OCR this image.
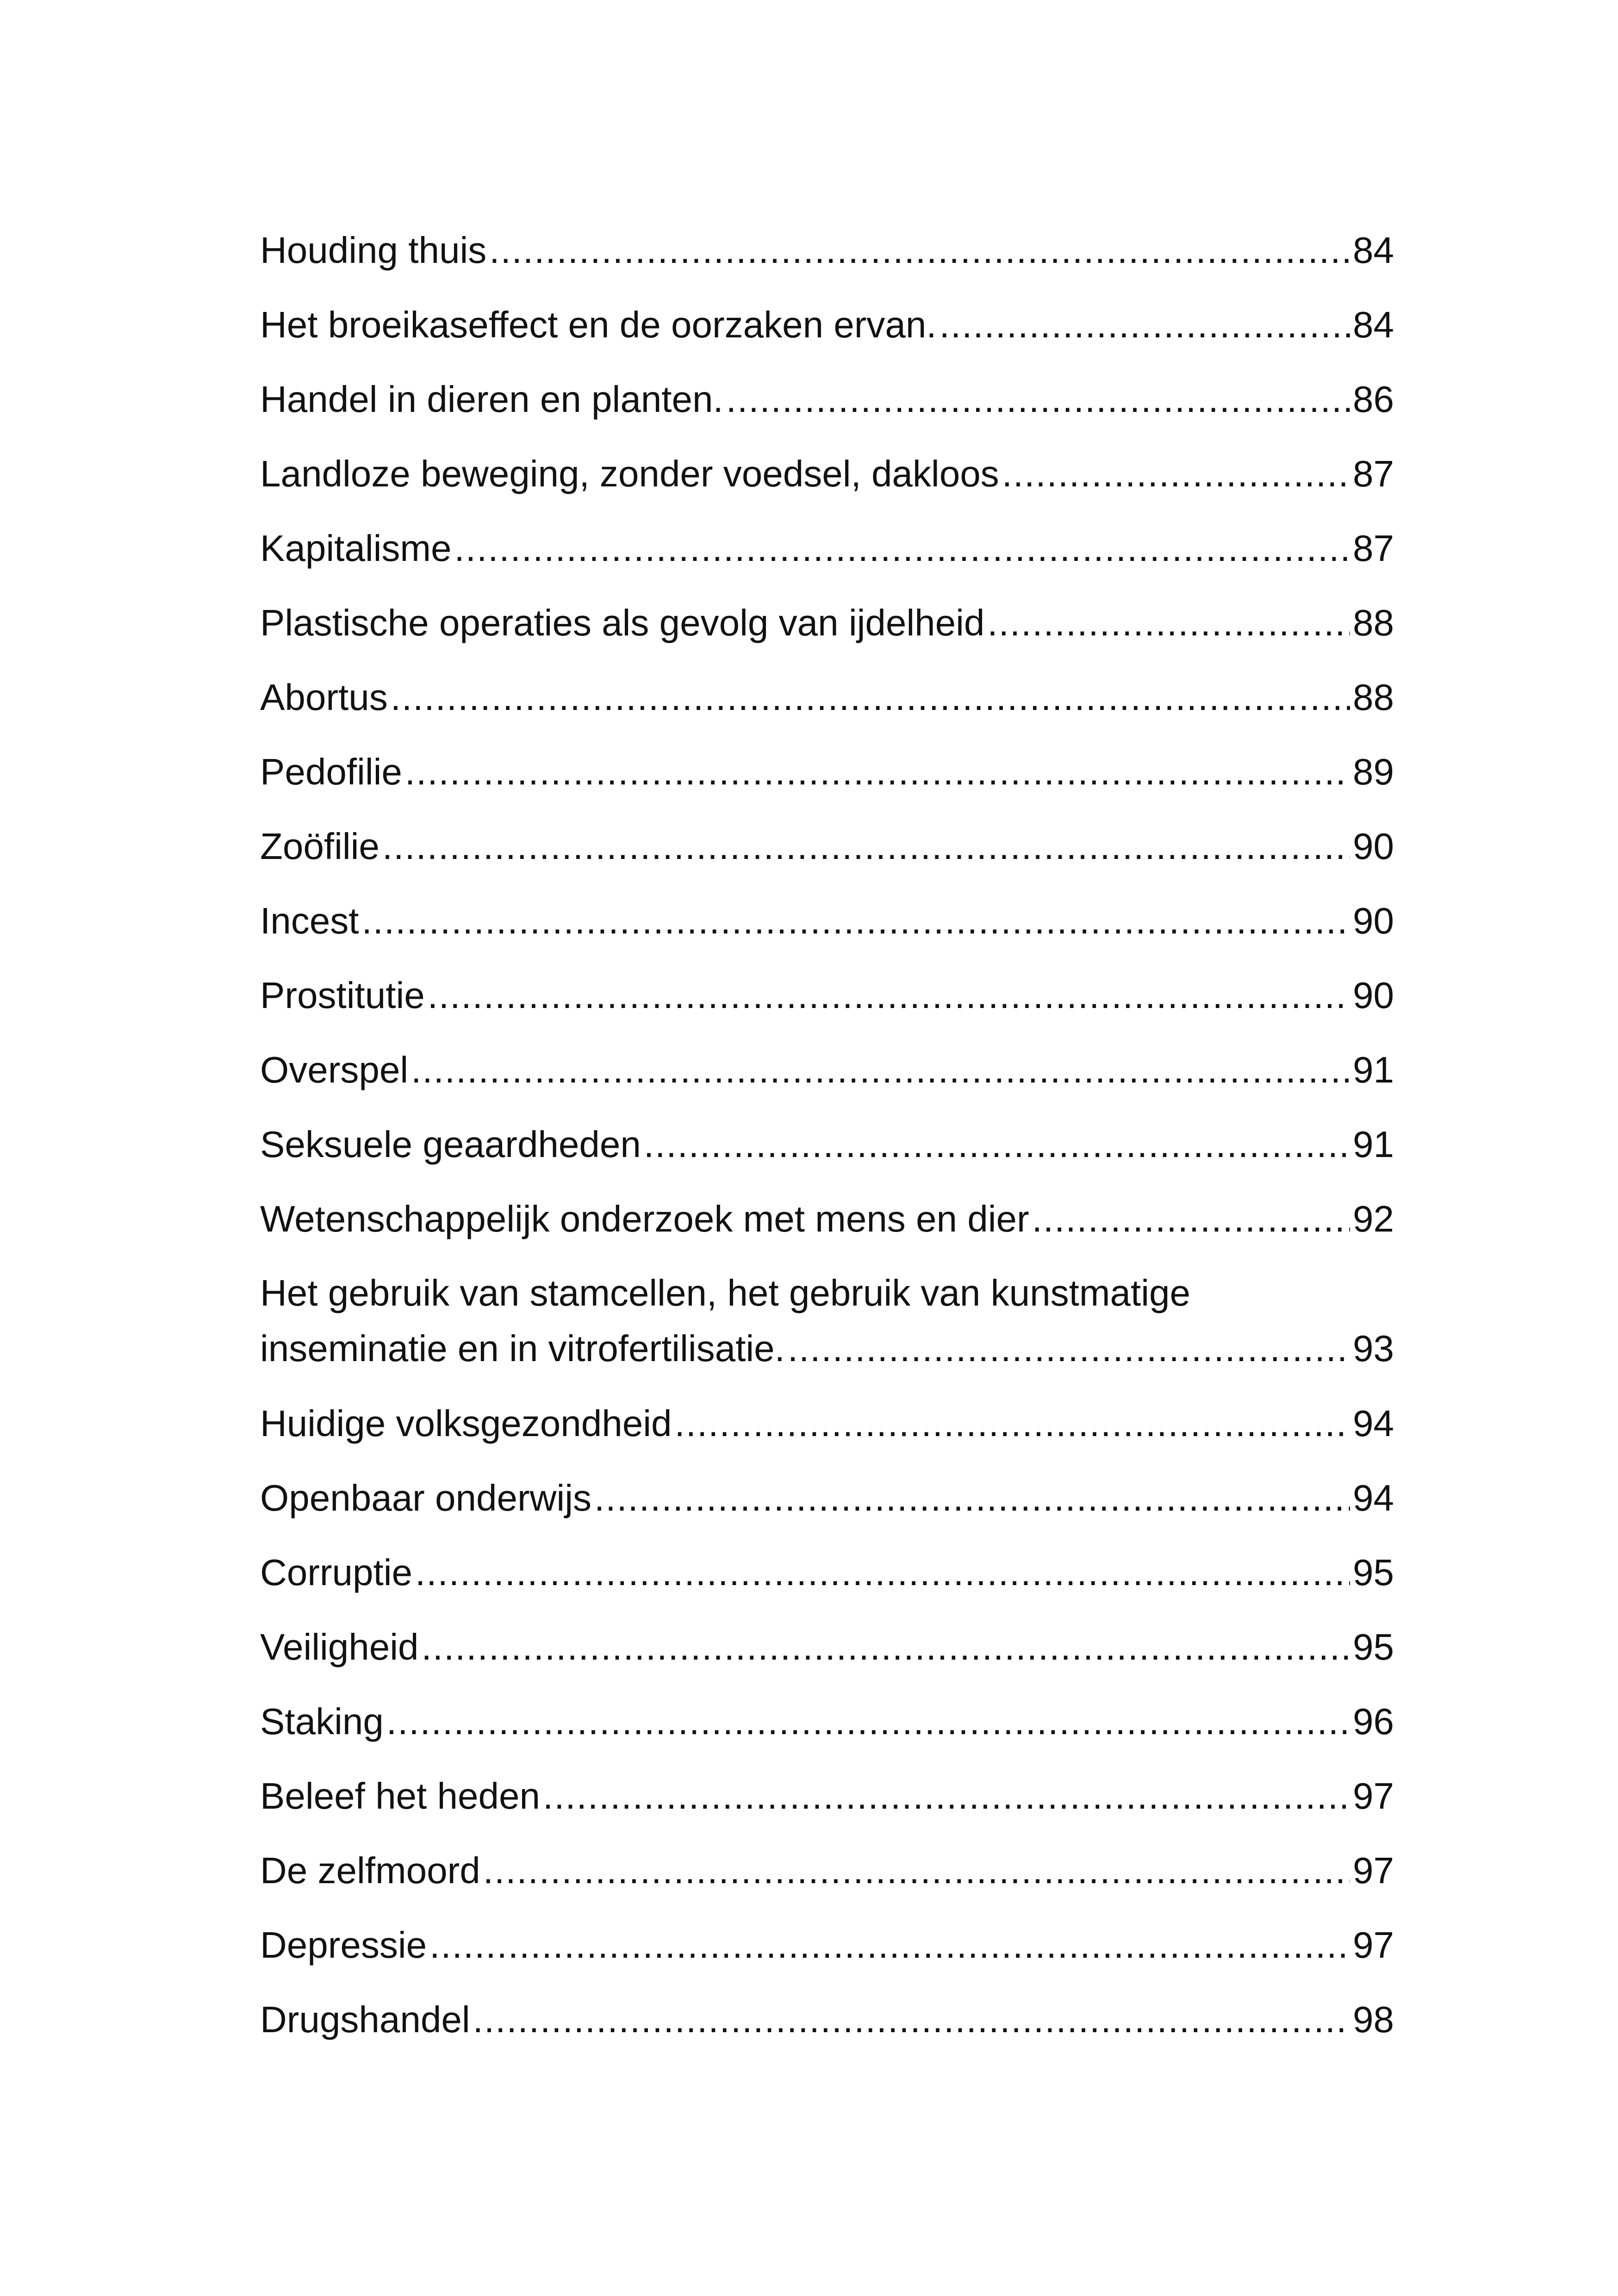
Houding thuis .....	84
Het broeikaseffect en de oorzaken ervan. .....	84
Handel in dieren en planten. .....	86
Landloze beweging, zonder voedsel, dakloos .....	87
Kapitalisme .....	87
Plastische operaties als gevolg van ijdelheid .....	88
Abortus .....	88
Pedofilie .....	89
Zoöfilie .....	90
Incest .....	90
Prostitutie .....	90
Overspel .....	91
Seksuele geaardheden .....	91
Wetenschappelijk onderzoek met mens en dier .....	92
Het gebruik van stamcellen, het gebruik van kunstmatige
inseminatie en in vitrofertilisatie. .....	93
Huidige volksgezondheid .....	94
Openbaar onderwijs .....	94
Corruptie .....	95
Veiligheid .....	95
Staking .....	96
Beleef het heden .....	97
De zelfmoord .....	97
Depressie .....	97
Drugshandel .....	98
